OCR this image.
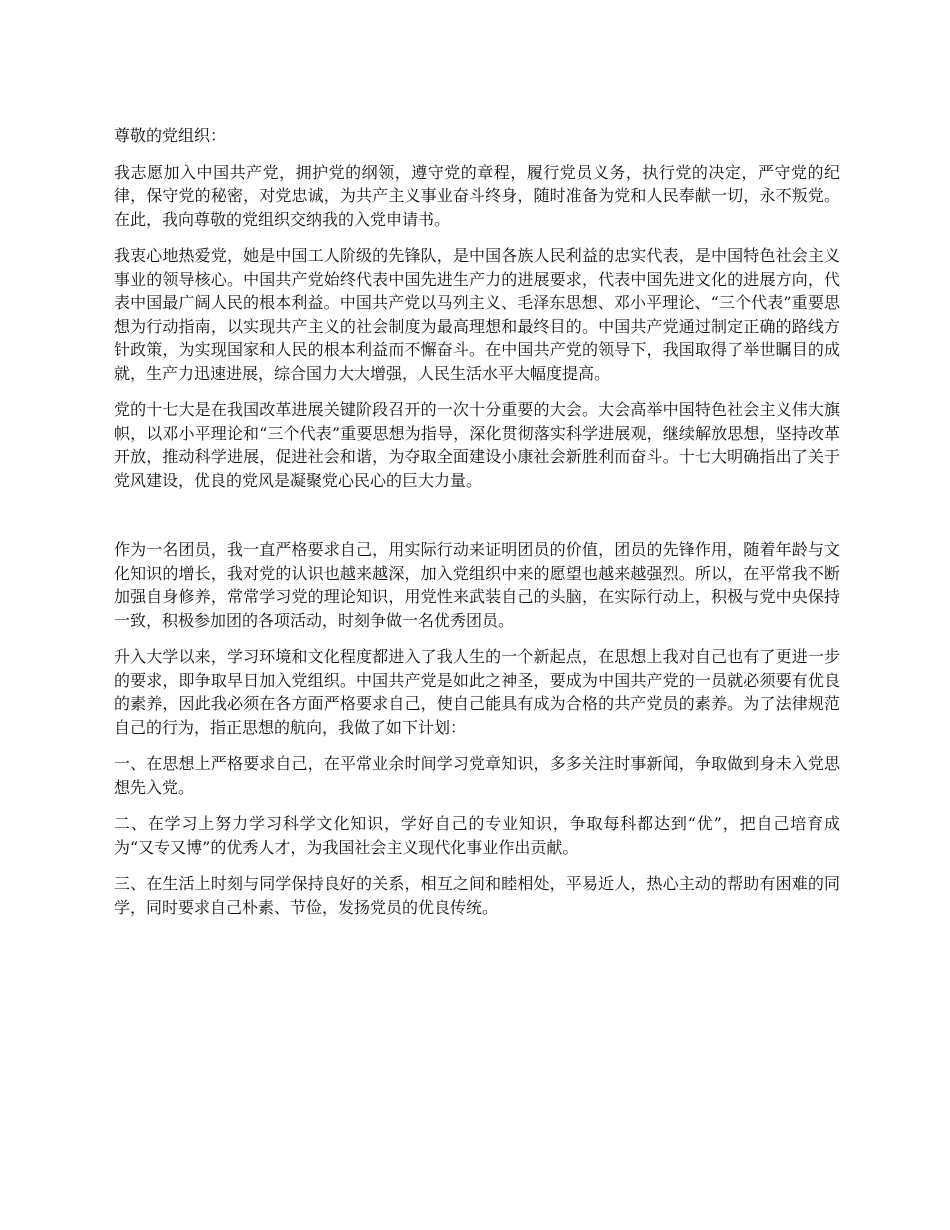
尊敬的党组织：

我志愿加入中国共产党，拥护党的纲领，遵守党的章程，履行党员义务，执行党的决定，严守党的纪律，保守党的秘密，对党忠诚，为共产主义事业奋斗终身，随时准备为党和人民奉献一切，永不叛党。在此，我向尊敬的党组织交纳我的入党申请书。

我衷心地热爱党，她是中国工人阶级的先锋队，是中国各族人民利益的忠实代表，是中国特色社会主义事业的领导核心。中国共产党始终代表中国先进生产力的进展要求，代表中国先进文化的进展方向，代表中国最广阔人民的根本利益。中国共产党以马列主义、毛泽东思想、邓小平理论、“三个代表”重要思想为行动指南，以实现共产主义的社会制度为最高理想和最终目的。中国共产党通过制定正确的路线方针政策，为实现国家和人民的根本利益而不懈奋斗。在中国共产党的领导下，我国取得了举世瞩目的成就，生产力迅速进展，综合国力大大增强，人民生活水平大幅度提高。

党的十七大是在我国改革进展关键阶段召开的一次十分重要的大会。大会高举中国特色社会主义伟大旗帜，以邓小平理论和“三个代表”重要思想为指导，深化贯彻落实科学进展观，继续解放思想，坚持改革开放，推动科学进展，促进社会和谐，为夺取全面建设小康社会新胜利而奋斗。十七大明确指出了关于党风建设，优良的党风是凝聚党心民心的巨大力量。

作为一名团员，我一直严格要求自己，用实际行动来证明团员的价值，团员的先锋作用，随着年龄与文化知识的增长，我对党的认识也越来越深，加入党组织中来的愿望也越来越强烈。所以，在平常我不断加强自身修养，常常学习党的理论知识，用党性来武装自己的头脑，在实际行动上，积极与党中央保持一致，积极参加团的各项活动，时刻争做一名优秀团员。

升入大学以来，学习环境和文化程度都进入了我人生的一个新起点，在思想上我对自己也有了更进一步的要求，即争取早日加入党组织。中国共产党是如此之神圣，要成为中国共产党的一员就必须要有优良的素养，因此我必须在各方面严格要求自己，使自己能具有成为合格的共产党员的素养。为了法律规范自己的行为，指正思想的航向，我做了如下计划：

一、在思想上严格要求自己，在平常业余时间学习党章知识，多多关注时事新闻，争取做到身未入党思想先入党。

二、在学习上努力学习科学文化知识，学好自己的专业知识，争取每科都达到“优”，把自己培育成为“又专又博”的优秀人才，为我国社会主义现代化事业作出贡献。

三、在生活上时刻与同学保持良好的关系，相互之间和睦相处，平易近人，热心主动的帮助有困难的同学，同时要求自己朴素、节俭，发扬党员的优良传统。
